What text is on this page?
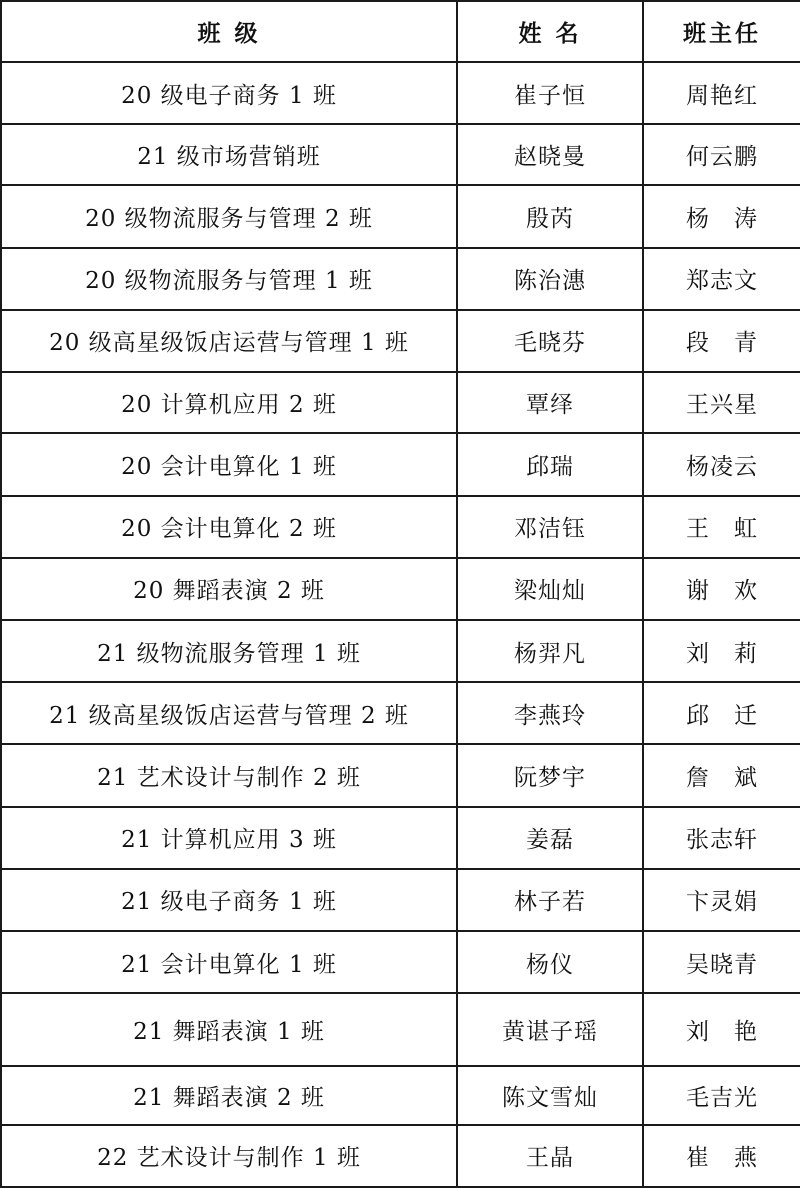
班 级	姓 名	班主任
20 级电子商务 1 班	崔子恒	周艳红
21 级市场营销班	赵晓曼	何云鹏
20 级物流服务与管理 2 班	殷芮	杨　涛
20 级物流服务与管理 1 班	陈治潓	郑志文
20 级高星级饭店运营与管理 1 班	毛晓芬	段　青
20 计算机应用 2 班	覃绎	王兴星
20 会计电算化 1 班	邱瑞	杨凌云
20 会计电算化 2 班	邓洁钰	王　虹
20 舞蹈表演 2 班	梁灿灿	谢　欢
21 级物流服务管理 1 班	杨羿凡	刘　莉
21 级高星级饭店运营与管理 2 班	李燕玲	邱　迁
21 艺术设计与制作 2 班	阮梦宇	詹　斌
21 计算机应用 3 班	姜磊	张志轩
21 级电子商务 1 班	林子若	卞灵娟
21 会计电算化 1 班	杨仪	吴晓青
21 舞蹈表演 1 班	黄谌子瑶	刘　艳
21 舞蹈表演 2 班	陈文雪灿	毛吉光
22 艺术设计与制作 1 班	王晶	崔　燕
